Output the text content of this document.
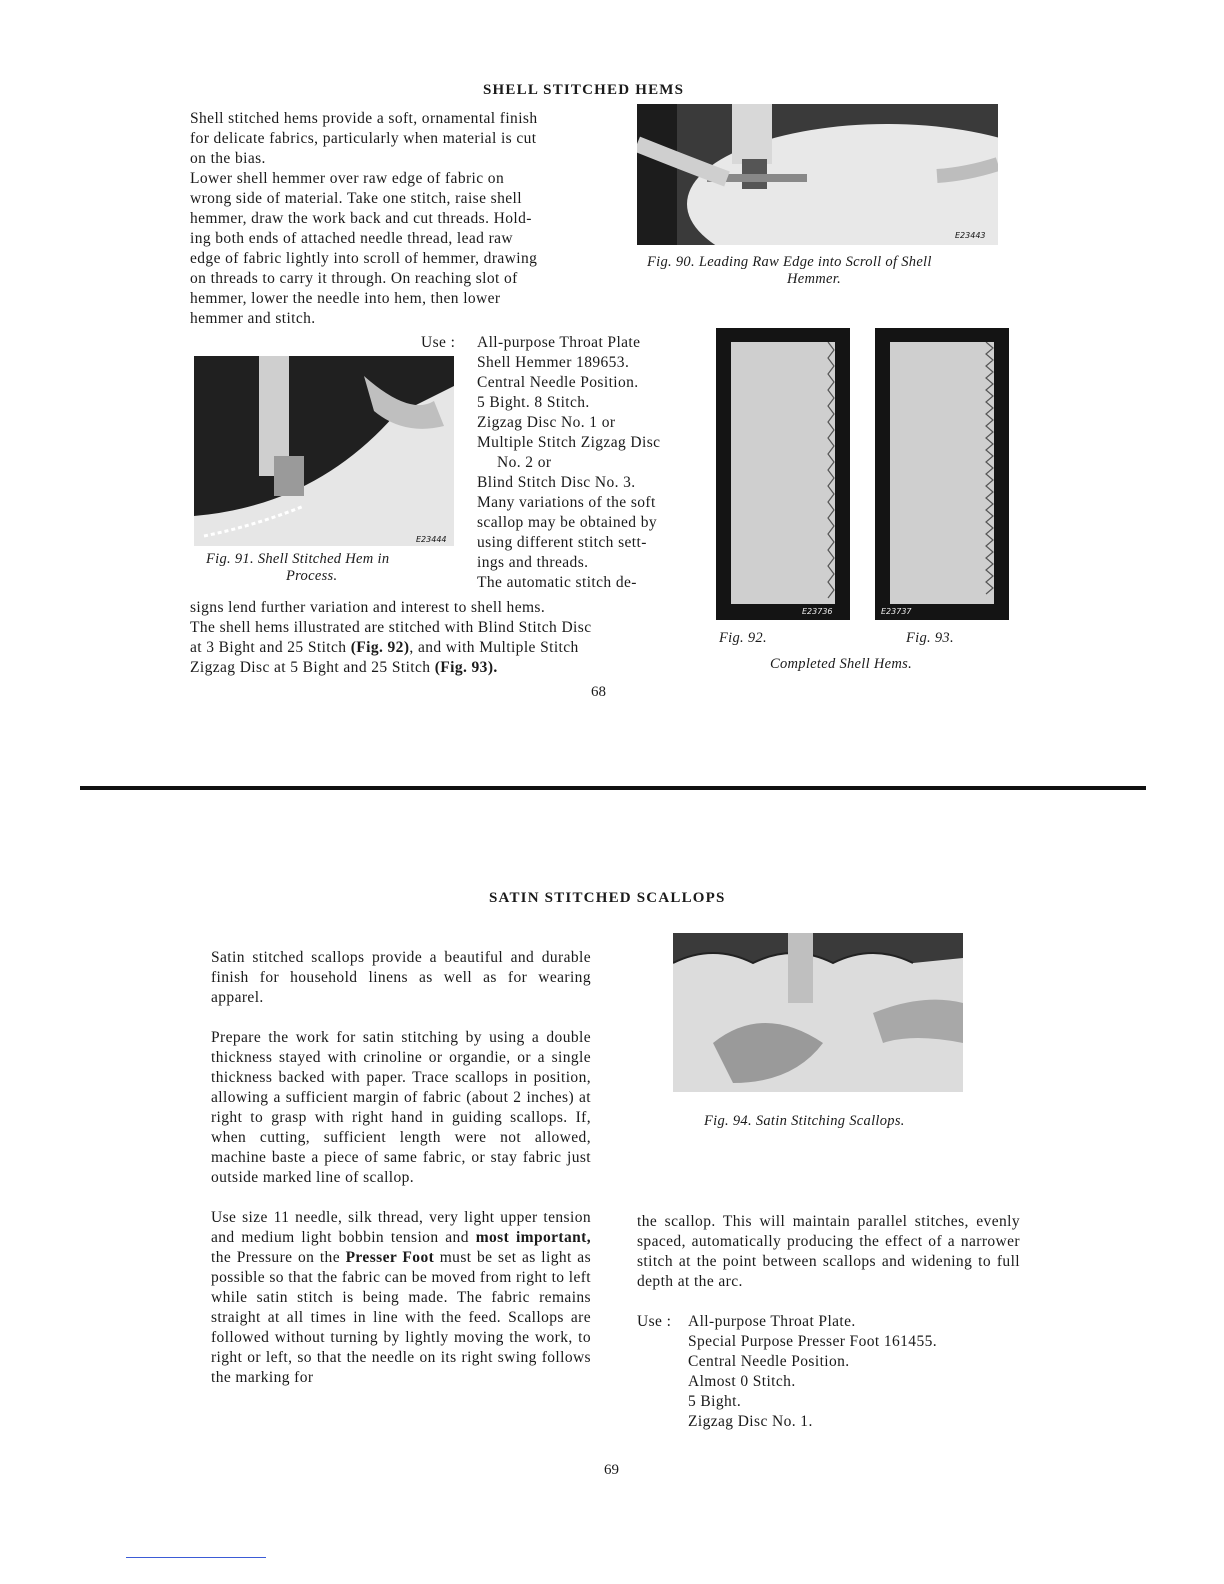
SHELL STITCHED HEMS
Shell stitched hems provide a soft, ornamental finish
for delicate fabrics, particularly when material is cut
on the bias.
Lower shell hemmer over raw edge of fabric on
wrong side of material. Take one stitch, raise shell
hemmer, draw the work back and cut threads. Hold-
ing both ends of attached needle thread, lead raw
edge of fabric lightly into scroll of hemmer, drawing
on threads to carry it through. On reaching slot of
hemmer, lower the needle into hem, then lower
hemmer and stitch.
E23443
Fig. 90. Leading Raw Edge into Scroll of Shell
Hemmer.
Use :
E23444
Fig. 91. Shell Stitched Hem in
Process.
All-purpose Throat Plate
Shell Hemmer 189653.
Central Needle Position.
5 Bight. 8 Stitch.
Zigzag Disc No. 1 or
Multiple Stitch Zigzag Disc
No. 2 or
Blind Stitch Disc No. 3.
Many variations of the soft
scallop may be obtained by
using different stitch sett-
ings and threads.
The automatic stitch de-
signs lend further variation and interest to shell hems.
The shell hems illustrated are stitched with Blind Stitch Disc
at 3 Bight and 25 Stitch (Fig. 92), and with Multiple Stitch
Zigzag Disc at 5 Bight and 25 Stitch (Fig. 93).
E23736	E23737
Fig. 92.	Fig. 93.
Completed Shell Hems.
68
SATIN STITCHED SCALLOPS

Satin stitched scallops provide a beautiful and durable finish for household linens as well as for wearing apparel.

Prepare the work for satin stitching by using a double thickness stayed with crinoline or organdie, or a single thickness backed with paper. Trace scallops in position, allowing a sufficient margin of fabric (about 2 inches) at right to grasp with right hand in guiding scallops. If, when cutting, sufficient length were not allowed, machine baste a piece of same fabric, or stay fabric just outside marked line of scallop.

Use size 11 needle, silk thread, very light upper tension and medium light bobbin tension and most important, the Pressure on the Presser Foot must be set as light as possible so that the fabric can be moved from right to left while satin stitch is being made. The fabric remains straight at all times in line with the feed. Scallops are followed without turning by lightly moving the work, to right or left, so that the needle on its right swing follows the marking for

Fig. 94. Satin Stitching Scallops.

the scallop. This will maintain parallel stitches, evenly spaced, automatically producing the effect of a narrower stitch at the point between scallops and widening to full depth at the arc.

Use : All-purpose Throat Plate.
Special Purpose Presser Foot 161455.
Central Needle Position.
Almost 0 Stitch.
5 Bight.
Zigzag Disc No. 1.
69
